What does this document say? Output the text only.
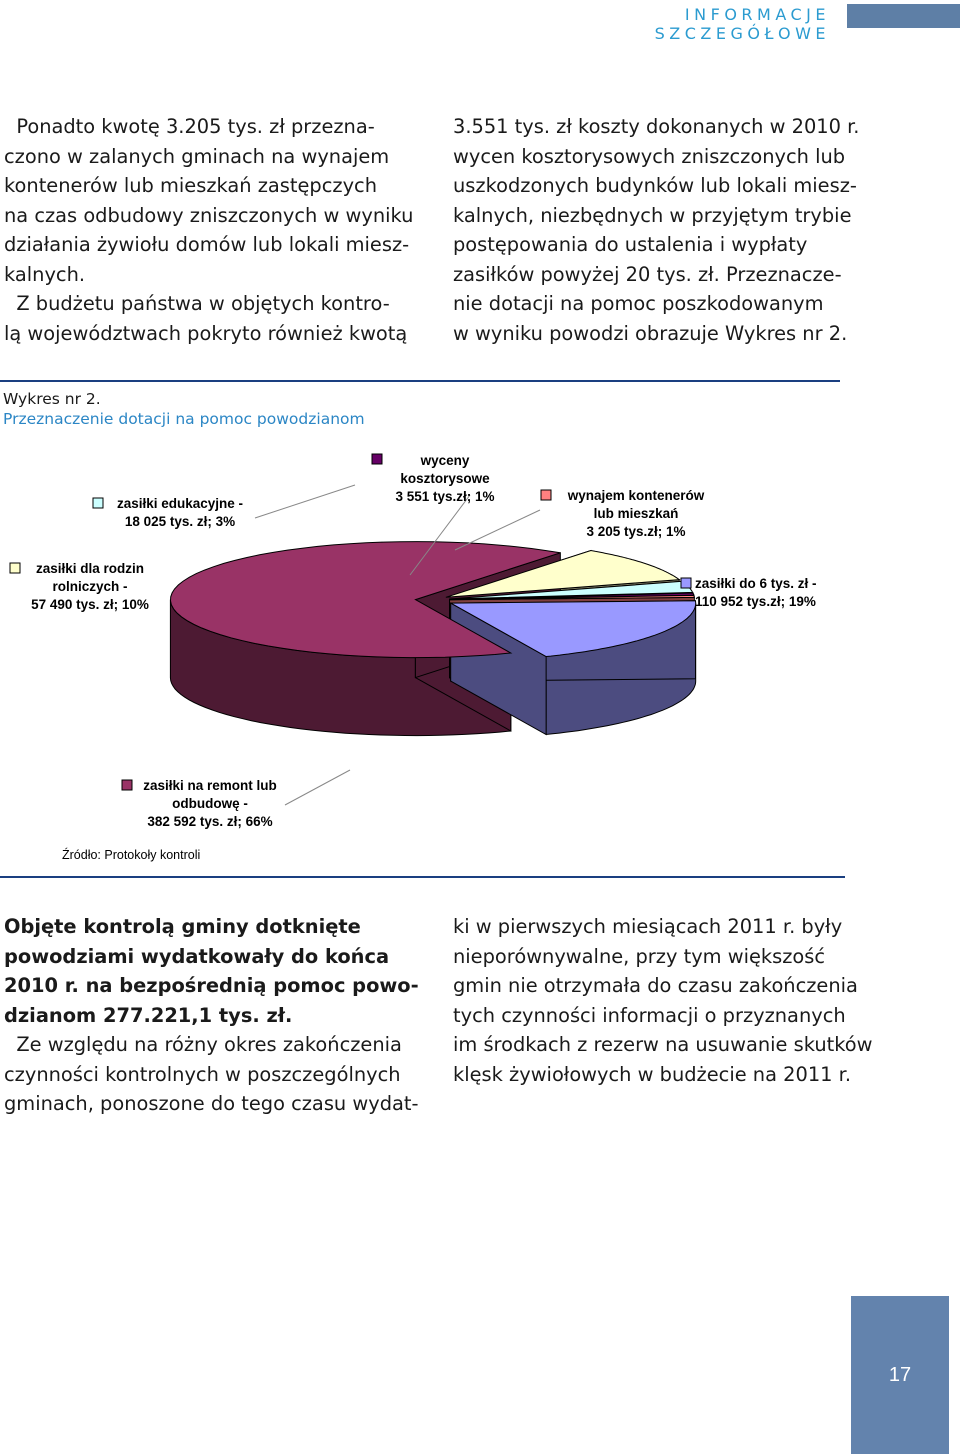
INFORMACJE SZCZEGÓŁOWE

Ponadto kwotę 3.205 tys. zł przezna-

czono w zalanych gminach na wynajem

kontenerów lub mieszkań zastępczych

na czas odbudowy zniszczonych w wyniku

działania żywiołu domów lub lokali miesz-

kalnych.

Z budżetu państwa w objętych kontro-

lą województwach pokryto również kwotą

3.551 tys. zł koszty dokonanych w 2010 r.

wycen kosztorysowych zniszczonych lub

uszkodzonych budynków lub lokali miesz-

kalnych, niezbędnych w przyjętym trybie

postępowania do ustalenia i wypłaty

zasiłków powyżej 20 tys. zł. Przeznacze-

nie dotacji na pomoc poszkodowanym

w wyniku powodzi obrazuje Wykres nr 2.

Wykres nr 2.
Przeznaczenie dotacji na pomoc powodzianom
zasiłki do 6 tys. zł -110 952 tys.zł; 19%
zasiłki na remont lub odbudowę -382 592 tys. zł; 66%
zasiłki dla rodzin rolniczych -57 490 tys. zł; 10%
zasiłki edukacyjne -18 025 tys. zł; 3%
wyceny kosztorysowe 3 551 tys.zł; 1%	wynajem kontenerów lub mieszkań 3 205 tys.zł; 1%
Źródło: Protokoły kontroli

Objęte kontrolą gminy dotknięte

powodziami wydatkowały do końca

2010 r. na bezpośrednią pomoc powo-

dzianom 277.221,1 tys. zł.

Ze względu na różny okres zakończenia

czynności kontrolnych w poszczególnych

gminach, ponoszone do tego czasu wydat-

ki w pierwszych miesiącach 2011 r. były

nieporównywalne, przy tym większość

gmin nie otrzymała do czasu zakończenia

tych czynności informacji o przyznanych

im środkach z rezerw na usuwanie skutków

klęsk żywiołowych w budżecie na 2011 r.

17
